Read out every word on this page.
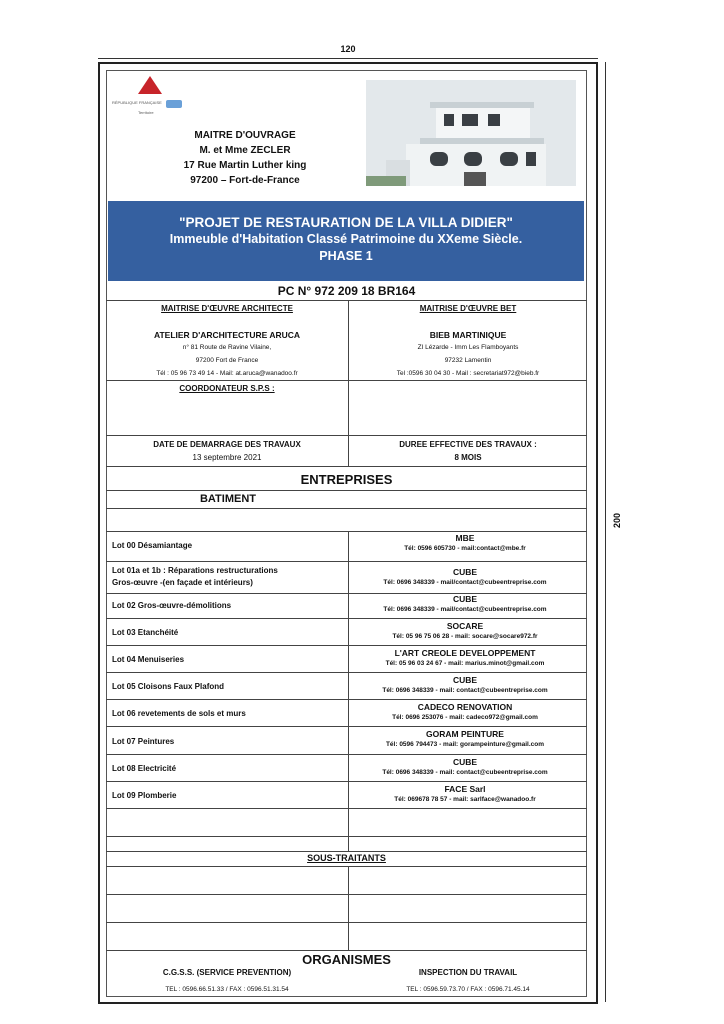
120
200
RÉPUBLIQUE FRANÇAISE
Territoire
MAITRE D'OUVRAGE
M. et Mme ZECLER
17 Rue Martin Luther king
97200 – Fort-de-France
"PROJET DE RESTAURATION DE LA VILLA DIDIER"
Immeuble d'Habitation Classé Patrimoine du XXeme Siècle.
PHASE 1
PC N° 972 209 18 BR164
MAITRISE D'ŒUVRE ARCHITECTE
ATELIER D'ARCHITECTURE ARUCA
n° 81 Route de Ravine Vilaine,
97200 Fort de France
Tél : 05 96 73 49 14 - Mail: at.aruca@wanadoo.fr
MAITRISE D'ŒUVRE BET
BIEB MARTINIQUE
ZI Lézarde - Imm Les Flamboyants
97232 Lamentin
Tel :0596 30 04 30 - Mail : secretariat972@bieb.fr
COORDONATEUR S.P.S :
DATE DE DEMARRAGE DES TRAVAUX
13 septembre 2021
DUREE EFFECTIVE DES TRAVAUX :
8 MOIS
ENTREPRISES
BATIMENT
Lot 00 Désamiantage
MBE
Tél: 0596 605730 - mail:contact@mbe.fr
Lot 01a et 1b : Réparations restructurations
Gros-œuvre -(en façade et intérieurs)
CUBE
Tél: 0696 348339 - mail/contact@cubeentreprise.com
Lot 02 Gros-œuvre-démolitions
CUBE
Tél: 0696 348339 - mail/contact@cubeentreprise.com
Lot 03 Etanchéité
SOCARE
Tél: 05 96 75 06 28 - mail: socare@socare972.fr
Lot 04 Menuiseries
L'ART CREOLE DEVELOPPEMENT
Tél: 05 96 03 24 67 - mail: marius.minot@gmail.com
Lot 05 Cloisons Faux Plafond
CUBE
Tél: 0696 348339 - mail: contact@cubeentreprise.com
Lot 06 revetements de sols et murs
CADECO RENOVATION
Tél: 0696 253076 - mail: cadeco972@gmail.com
Lot 07 Peintures
GORAM PEINTURE
Tél: 0596 794473 - mail: gorampeinture@gmail.com
Lot 08 Electricité
CUBE
Tél: 0696 348339 - mail: contact@cubeentreprise.com
Lot 09 Plomberie
FACE Sarl
Tél: 069678 78 57 - mail: sarlface@wanadoo.fr
SOUS-TRAITANTS
ORGANISMES
C.G.S.S. (SERVICE PREVENTION)	INSPECTION DU TRAVAIL
TEL : 0596.66.51.33 / FAX : 0596.51.31.54	TEL : 0596.59.73.70 / FAX : 0596.71.45.14
